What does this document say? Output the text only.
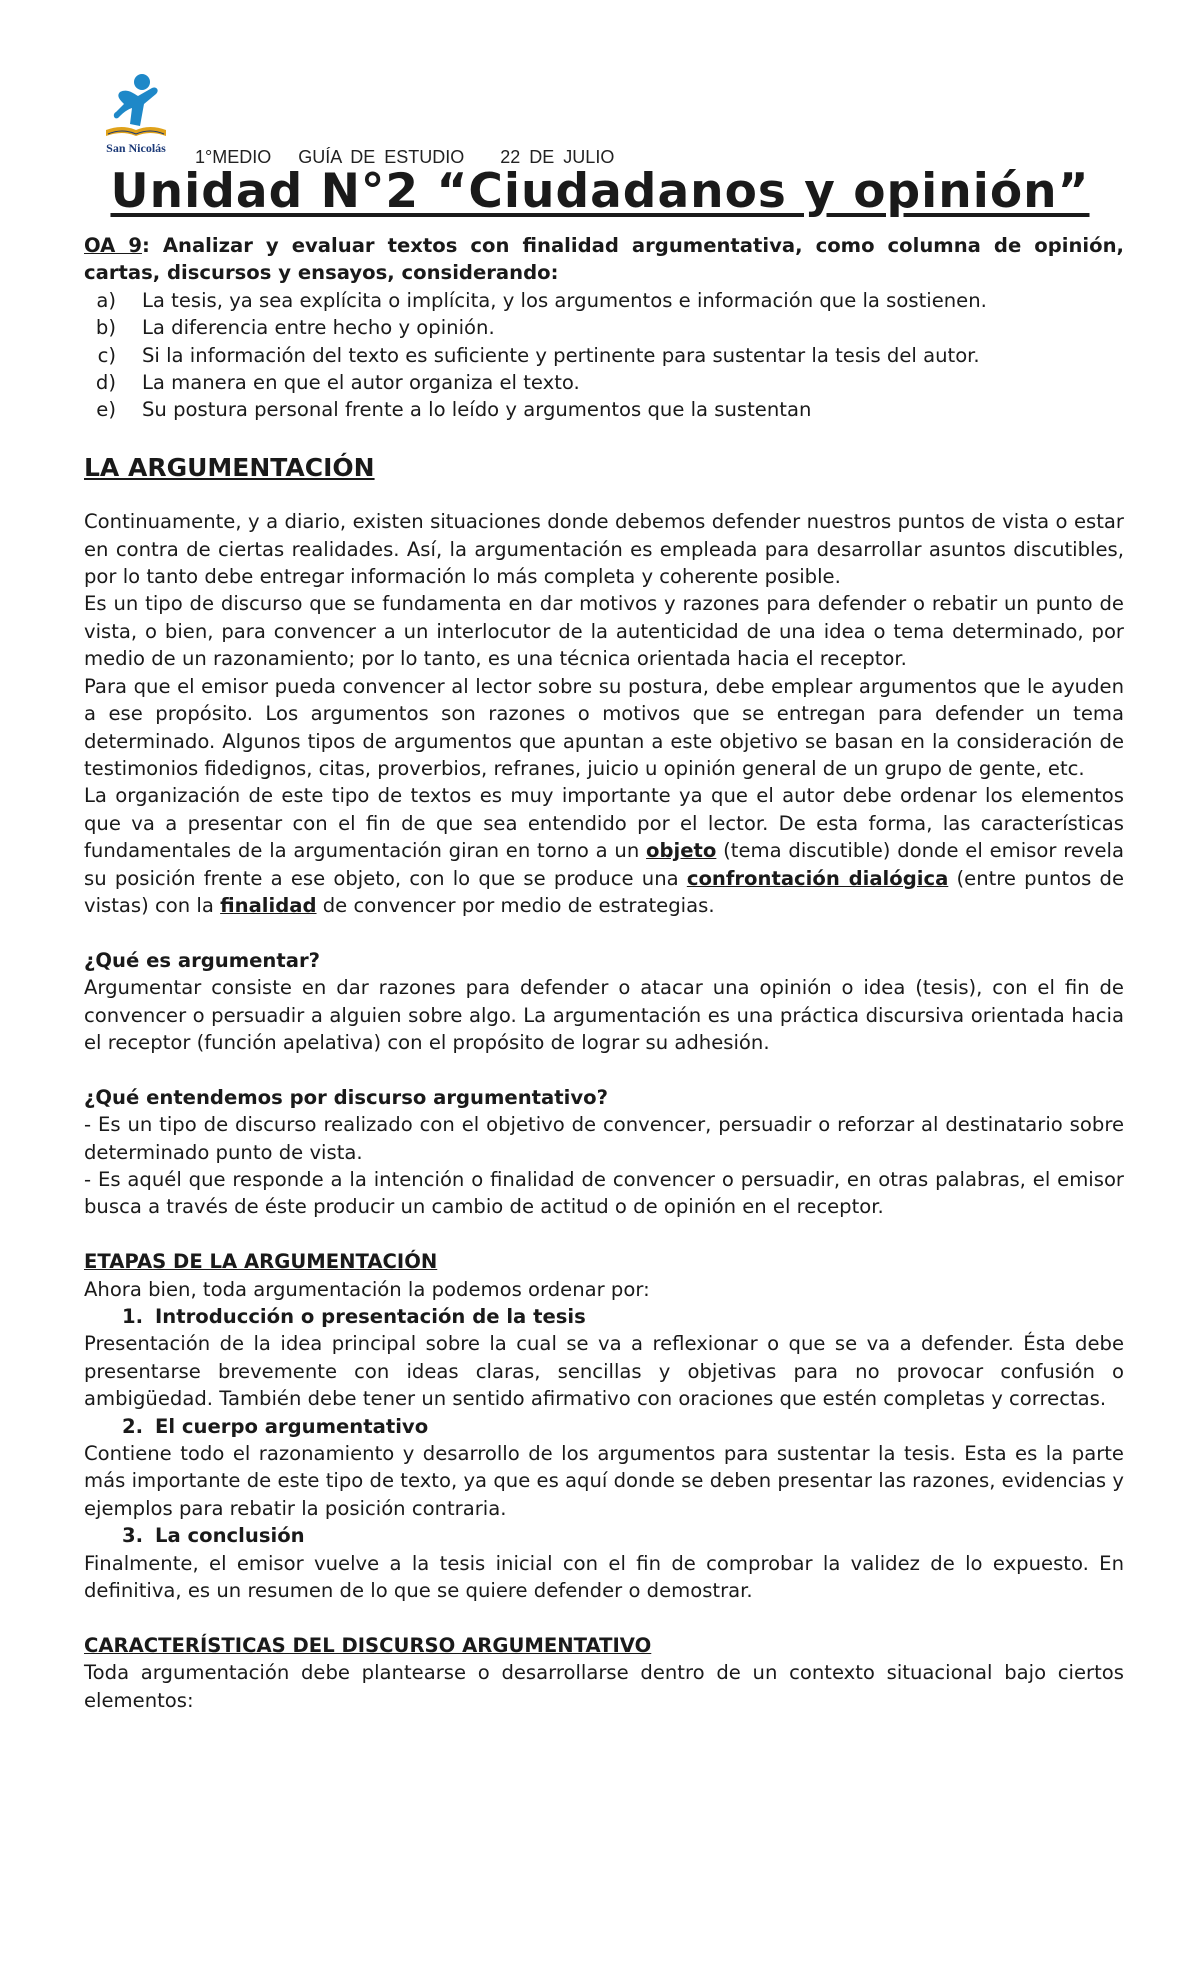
San Nicolás 1°MEDIO GUÍA DE ESTUDIO 22 DE JULIO
Unidad N°2 “Ciudadanos y opinión”

OA 9: Analizar y evaluar textos con finalidad argumentativa, como columna de opinión, cartas, discursos y ensayos, considerando:

a)	La tesis, ya sea explícita o implícita, y los argumentos e información que la sostienen.
b)	La diferencia entre hecho y opinión.
c)	Si la información del texto es suficiente y pertinente para sustentar la tesis del autor.
d)	La manera en que el autor organiza el texto.
e)	Su postura personal frente a lo leído y argumentos que la sustentan
LA ARGUMENTACIÓN

Continuamente, y a diario, existen situaciones donde debemos defender nuestros puntos de vista o estar en contra de ciertas realidades. Así, la argumentación es empleada para desarrollar asuntos discutibles, por lo tanto debe entregar información lo más completa y coherente posible.

Es un tipo de discurso que se fundamenta en dar motivos y razones para defender o rebatir un punto de vista, o bien, para convencer a un interlocutor de la autenticidad de una idea o tema determinado, por medio de un razonamiento; por lo tanto, es una técnica orientada hacia el receptor.

Para que el emisor pueda convencer al lector sobre su postura, debe emplear argumentos que le ayuden a ese propósito. Los argumentos son razones o motivos que se entregan para defender un tema determinado. Algunos tipos de argumentos que apuntan a este objetivo se basan en la consideración de testimonios fidedignos, citas, proverbios, refranes, juicio u opinión general de un grupo de gente, etc.

La organización de este tipo de textos es muy importante ya que el autor debe ordenar los elementos que va a presentar con el fin de que sea entendido por el lector. De esta forma, las características fundamentales de la argumentación giran en torno a un objeto (tema discutible) donde el emisor revela su posición frente a ese objeto, con lo que se produce una confrontación dialógica (entre puntos de vistas) con la finalidad de convencer por medio de estrategias.

¿Qué es argumentar?

Argumentar consiste en dar razones para defender o atacar una opinión o idea (tesis), con el fin de convencer o persuadir a alguien sobre algo. La argumentación es una práctica discursiva orientada hacia el receptor (función apelativa) con el propósito de lograr su adhesión.

¿Qué entendemos por discurso argumentativo?

- Es un tipo de discurso realizado con el objetivo de convencer, persuadir o reforzar al destinatario sobre determinado punto de vista.

- Es aquél que responde a la intención o finalidad de convencer o persuadir, en otras palabras, el emisor busca a través de éste producir un cambio de actitud o de opinión en el receptor.

ETAPAS DE LA ARGUMENTACIÓN

Ahora bien, toda argumentación la podemos ordenar por:

1. Introducción o presentación de la tesis

Presentación de la idea principal sobre la cual se va a reflexionar o que se va a defender. Ésta debe presentarse brevemente con ideas claras, sencillas y objetivas para no provocar confusión o ambigüedad. También debe tener un sentido afirmativo con oraciones que estén completas y correctas.

2. El cuerpo argumentativo

Contiene todo el razonamiento y desarrollo de los argumentos para sustentar la tesis. Esta es la parte más importante de este tipo de texto, ya que es aquí donde se deben presentar las razones, evidencias y ejemplos para rebatir la posición contraria.

3. La conclusión

Finalmente, el emisor vuelve a la tesis inicial con el fin de comprobar la validez de lo expuesto. En definitiva, es un resumen de lo que se quiere defender o demostrar.

CARACTERÍSTICAS DEL DISCURSO ARGUMENTATIVO

Toda argumentación debe plantearse o desarrollarse dentro de un contexto situacional bajo ciertos elementos:
